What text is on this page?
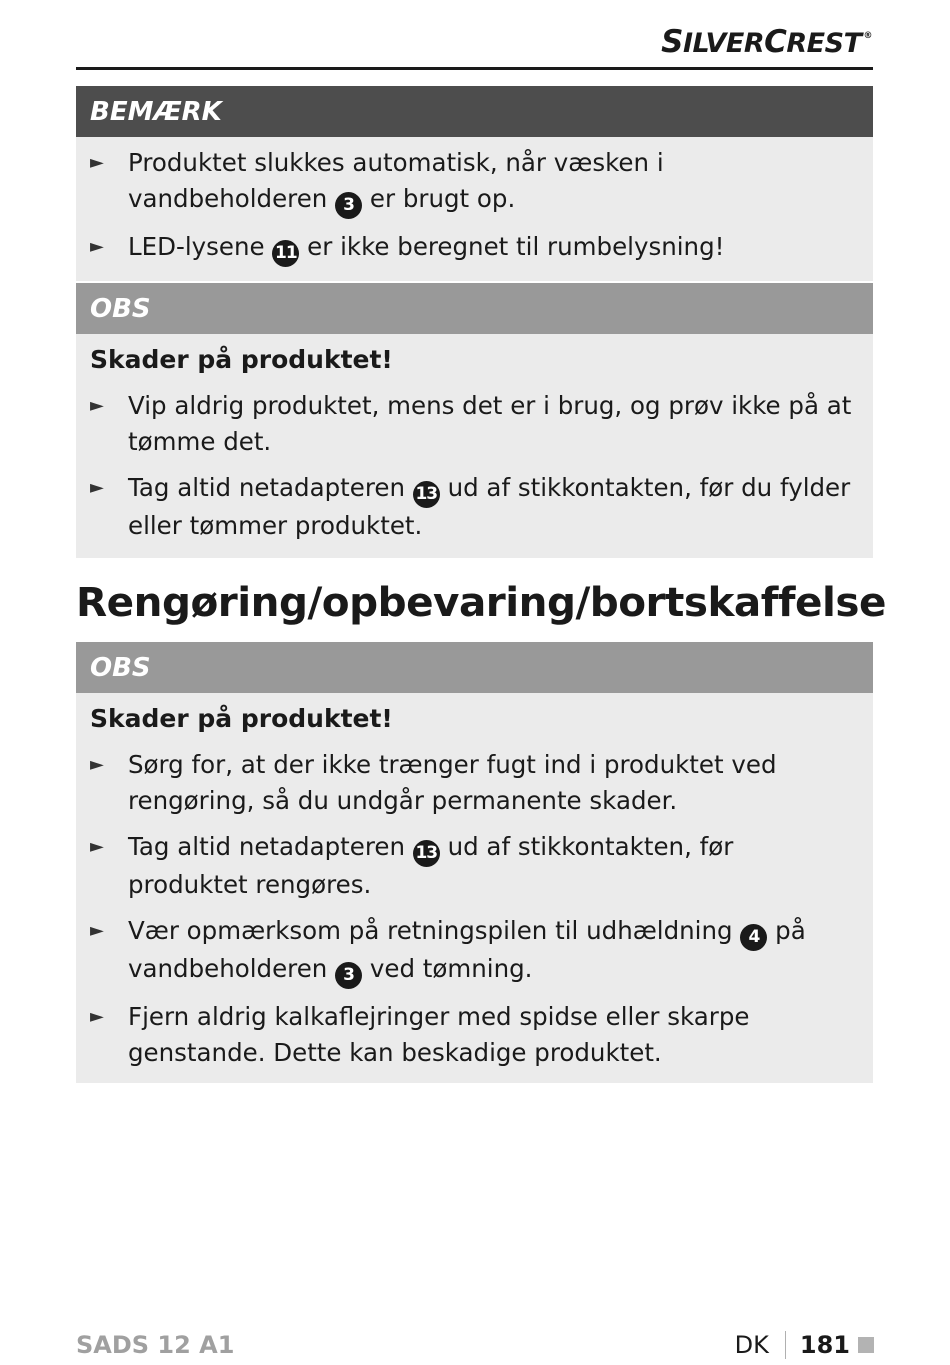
S ILVER C REST ®
BEMÆRK
► Produktet slukkes automatisk, når væsken i vandbeholderen 3 er brugt op.
► LED-lysene 11 er ikke beregnet til rumbelysning!
OBS
Skader på produktet!
► Vip aldrig produktet, mens det er i brug, og prøv ikke på at tømme det.
► Tag altid netadapteren 13 ud af stikkontakten, før du fylder eller tømmer produktet.
Rengøring/opbevaring/bortskaffelse
OBS
Skader på produktet!
► Sørg for, at der ikke trænger fugt ind i produktet ved rengøring, så du undgår permanente skader.
► Tag altid netadapteren 13 ud af stikkontakten, før produktet rengøres.
► Vær opmærksom på retningspilen til udhældning 4 på vandbeholderen 3 ved tømning.
► Fjern aldrig kalkaflejringer med spidse eller skarpe genstande. Dette kan beskadige produktet.
SADS 12 A1	DK 181
